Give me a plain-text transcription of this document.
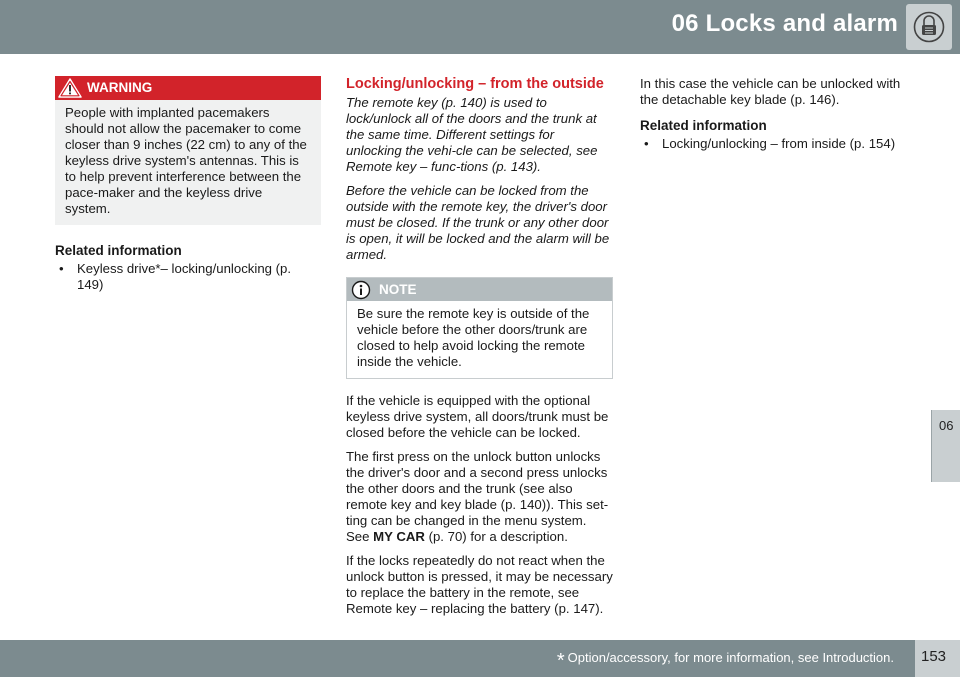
06 Locks and alarm
06
WARNING
People with implanted pacemakers should not allow the pacemaker to come closer than 9 inches (22 cm) to any of the keyless drive system's antennas. This is to help prevent interference between the pace-maker and the keyless drive system.
Related information
• Keyless drive*– locking/unlocking (p. 149)
Locking/unlocking – from the outside

The remote key (p. 140) is used to lock/unlock all of the doors and the trunk at the same time. Different settings for unlocking the vehi-cle can be selected, see Remote key – func-tions (p. 143).

Before the vehicle can be locked from the outside with the remote key, the driver's door must be closed. If the trunk or any other door is open, it will be locked and the alarm will be armed.

NOTE
Be sure the remote key is outside of the vehicle before the other doors/trunk are closed to help avoid locking the remote inside the vehicle.

If the vehicle is equipped with the optional keyless drive system, all doors/trunk must be closed before the vehicle can be locked.

The first press on the unlock button unlocks the driver's door and a second press unlocks the other doors and the trunk (see also remote key and key blade (p. 140)). This set-ting can be changed in the menu system. See MY CAR (p. 70) for a description.

If the locks repeatedly do not react when the unlock button is pressed, it may be necessary to replace the battery in the remote, see Remote key – replacing the battery (p. 147).

In this case the vehicle can be unlocked with the detachable key blade (p. 146).

Related information
• Locking/unlocking – from inside (p. 154)
* Option/accessory, for more information, see Introduction. 153
